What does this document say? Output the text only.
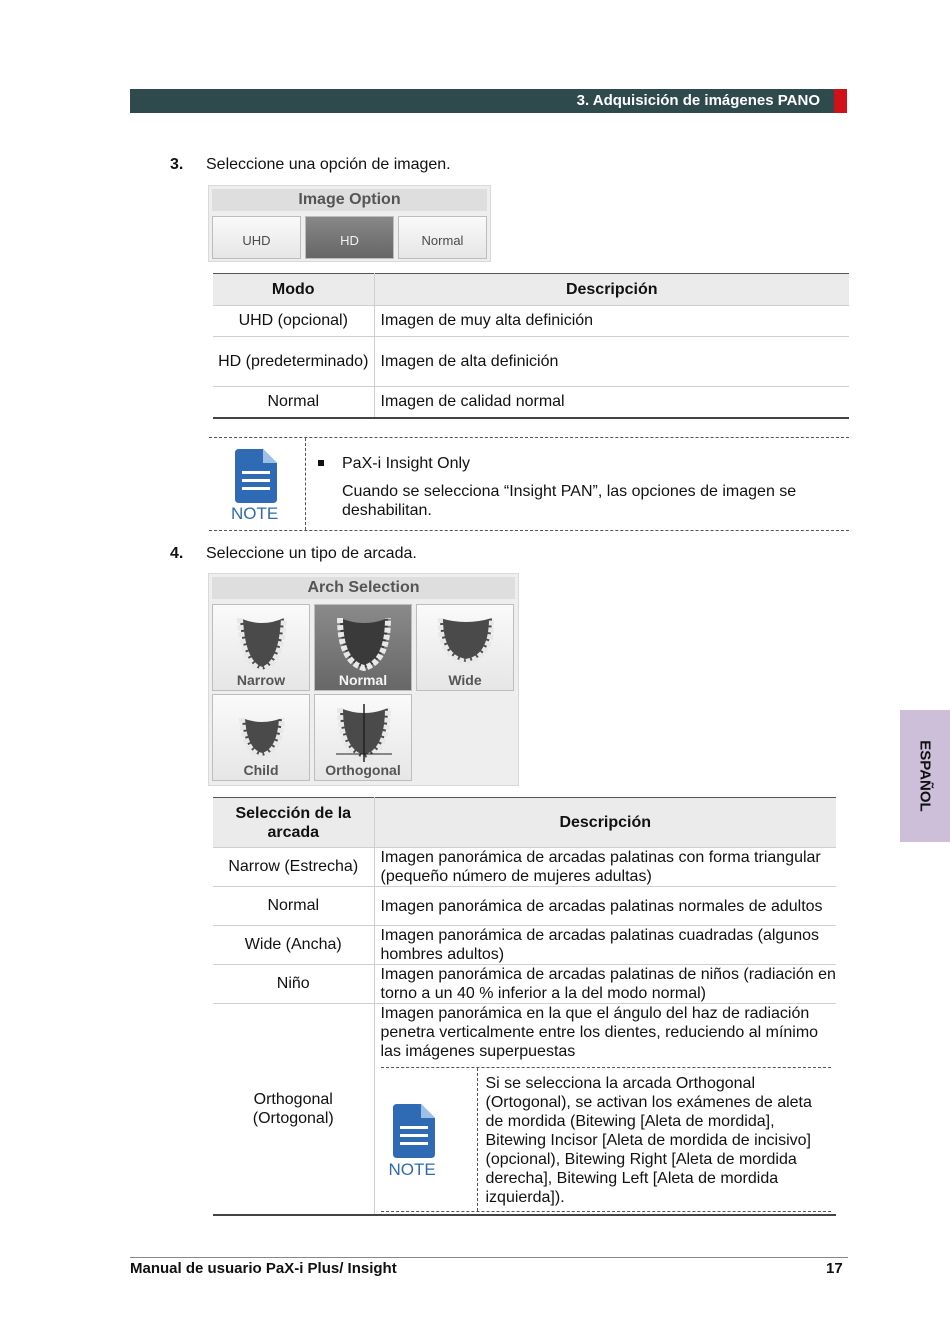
3. Adquisición de imágenes PANO
3. Seleccione una opción de imagen.
Image Option
UHD	HD	Normal
Modo	Descripción
UHD (opcional)	Imagen de muy alta definición
HD (predeterminado)	Imagen de alta definición
Normal	Imagen de calidad normal
NOTE
PaX-i Insight Only
Cuando se selecciona “Insight PAN”, las opciones de imagen se deshabilitan.
4. Seleccione un tipo de arcada.
Arch Selection
Narrow	Normal	Wide
Child	Orthogonal
Selección de la arcada	Descripción
Narrow (Estrecha)	Imagen panorámica de arcadas palatinas con forma triangular (pequeño número de mujeres adultas)
Normal	Imagen panorámica de arcadas palatinas normales de adultos
Wide (Ancha)	Imagen panorámica de arcadas palatinas cuadradas (algunos hombres adultos)
Niño	Imagen panorámica de arcadas palatinas de niños (radiación en torno a un 40 % inferior a la del modo normal)
Orthogonal (Ortogonal)	Imagen panorámica en la que el ángulo del haz de radiación penetra verticalmente entre los dientes, reduciendo al mínimo las imágenes superpuestas
NOTE
Si se selecciona la arcada Orthogonal (Ortogonal), se activan los exámenes de aleta de mordida (Bitewing [Aleta de mordida], Bitewing Incisor [Aleta de mordida de incisivo] (opcional), Bitewing Right [Aleta de mordida derecha], Bitewing Left [Aleta de mordida izquierda]).
ESPAÑOL
Manual de usuario PaX-i Plus/ Insight	17
